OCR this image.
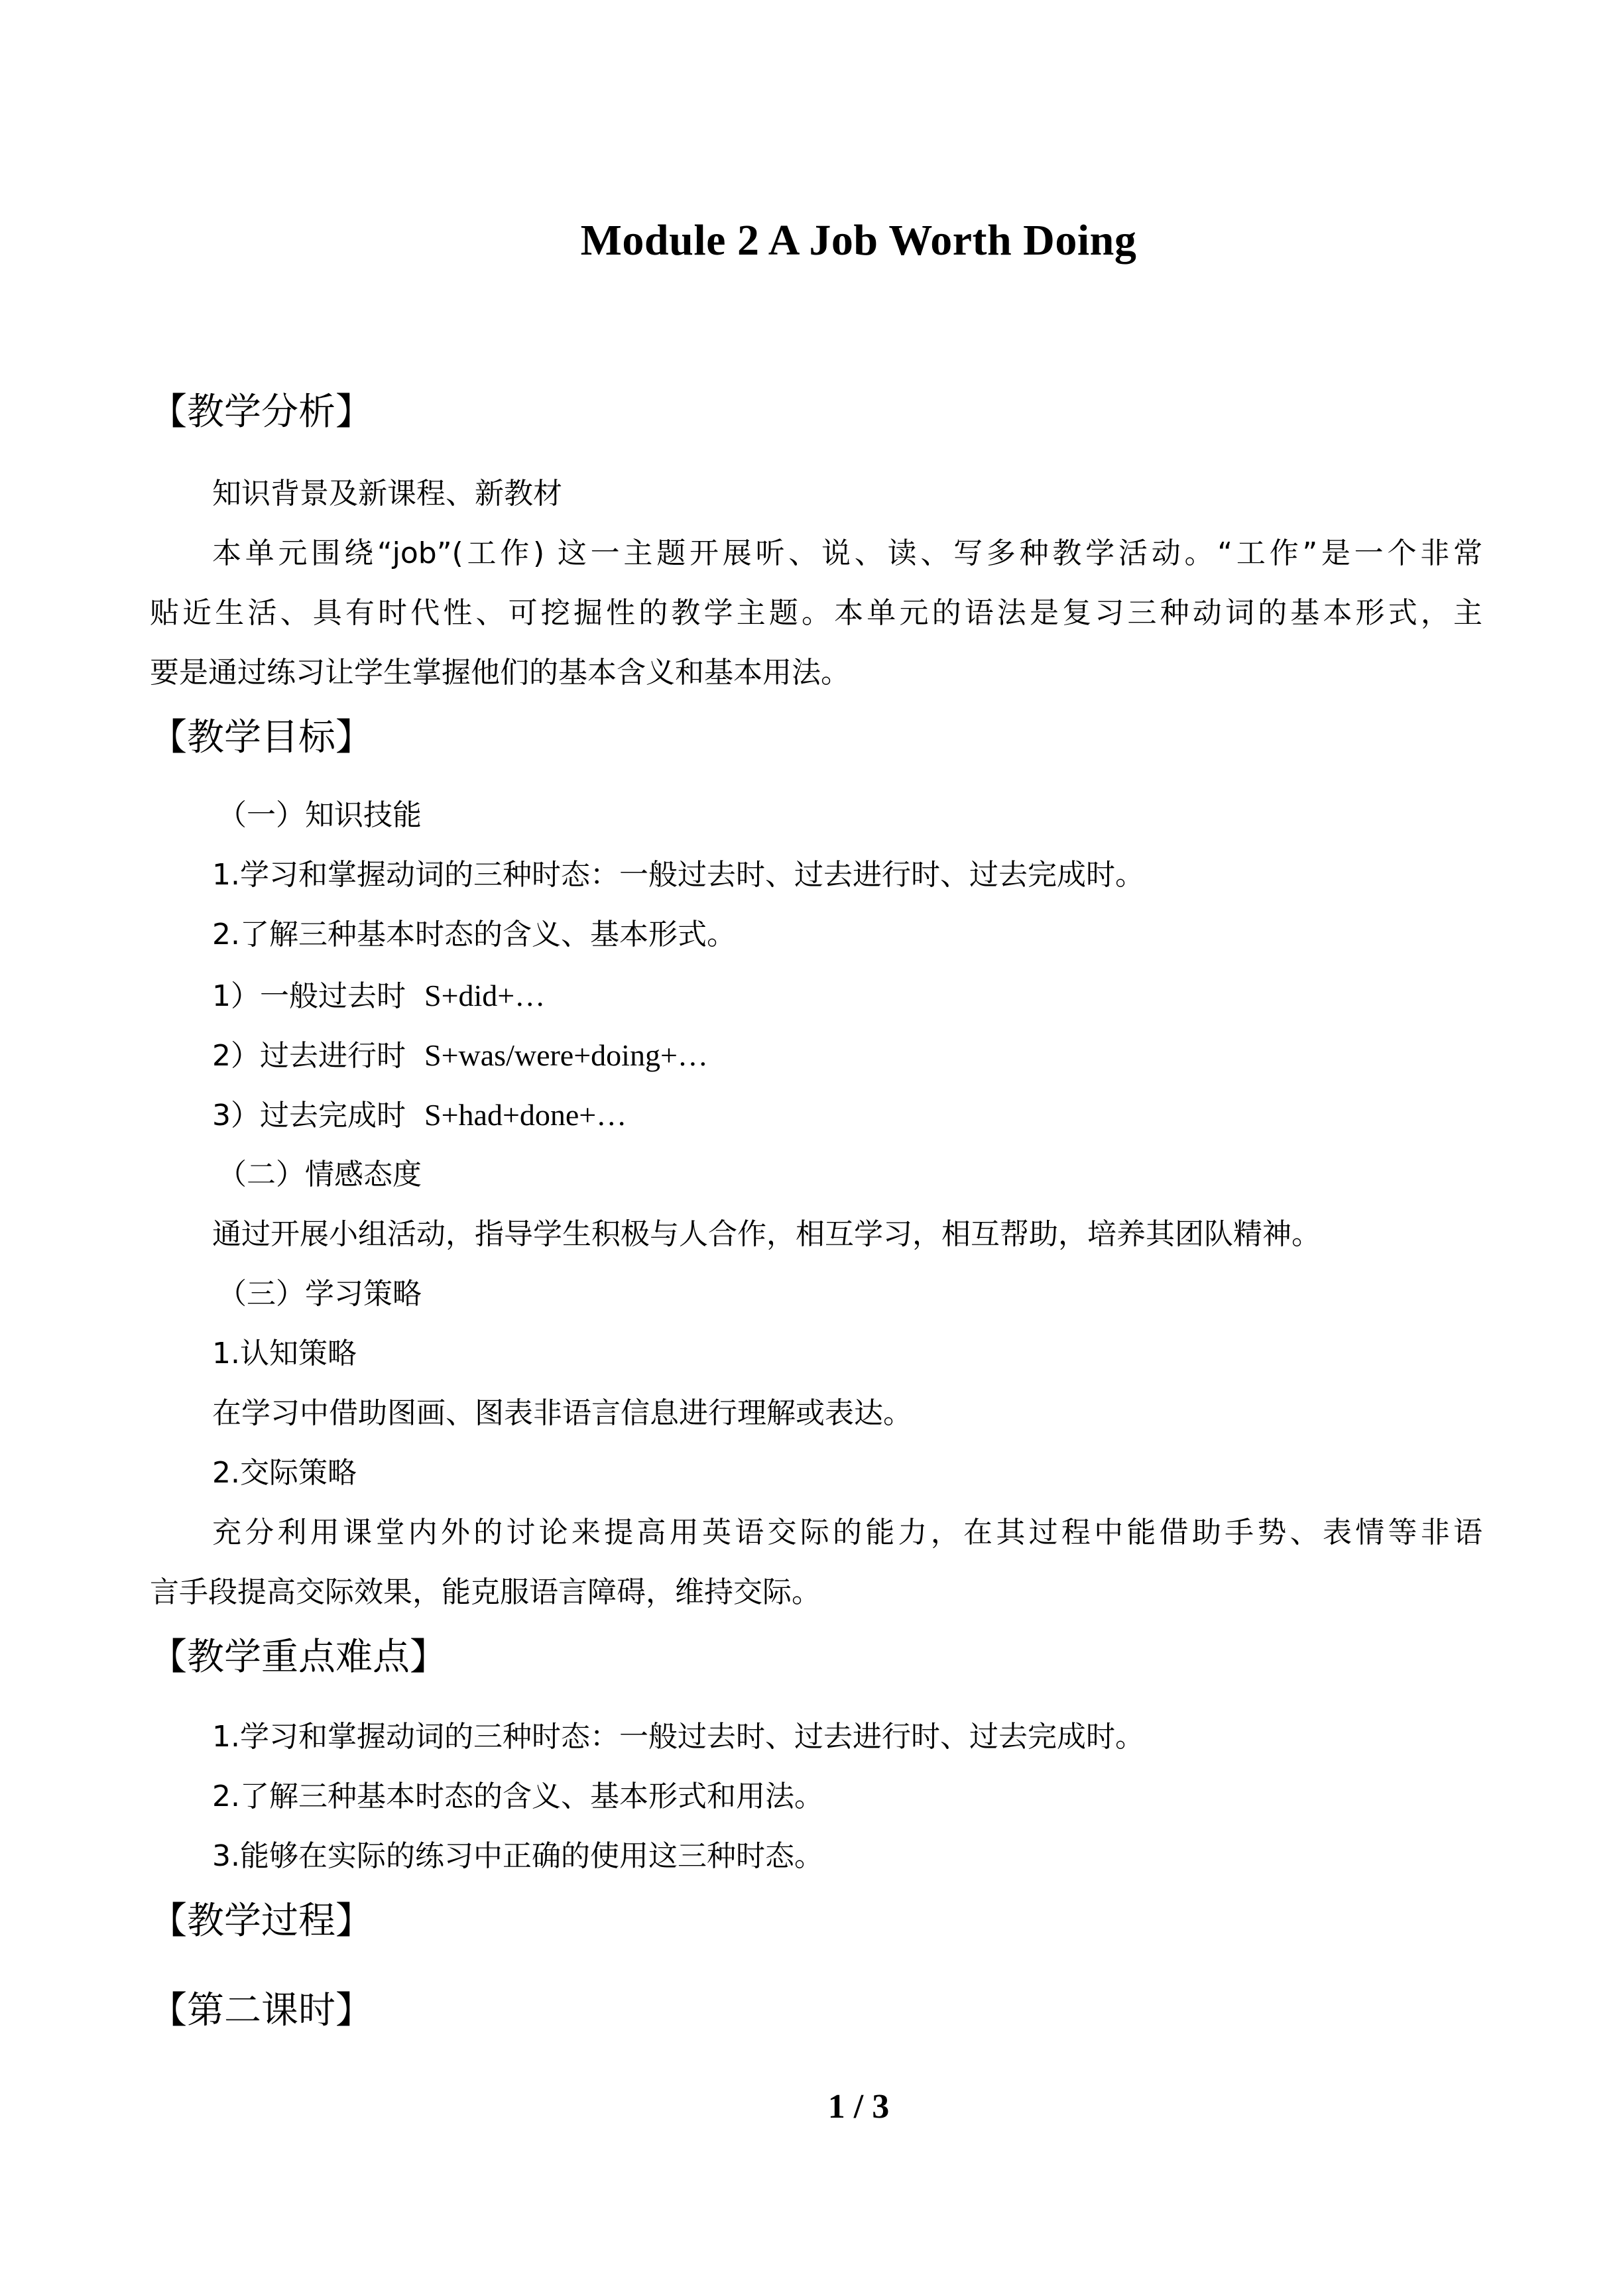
Module 2 A Job Worth Doing
【教学分析】
知识背景及新课程、新教材
本单元围绕“job”(工作) 这一主题开展听、说、读、写多种教学活动。“工作”是一个非常
贴近生活、具有时代性、可挖掘性的教学主题。本单元的语法是复习三种动词的基本形式，主
要是通过练习让学生掌握他们的基本含义和基本用法。
【教学目标】
（一）知识技能
1.学习和掌握动词的三种时态：一般过去时、过去进行时、过去完成时。
2.了解三种基本时态的含义、基本形式。
1）一般过去时 S+did+…
2）过去进行时 S+was/were+doing+…
3）过去完成时 S+had+done+…
（二）情感态度
通过开展小组活动，指导学生积极与人合作，相互学习，相互帮助，培养其团队精神。
（三）学习策略
1.认知策略
在学习中借助图画、图表非语言信息进行理解或表达。
2.交际策略
充分利用课堂内外的讨论来提高用英语交际的能力，在其过程中能借助手势、表情等非语
言手段提高交际效果，能克服语言障碍，维持交际。
【教学重点难点】
1.学习和掌握动词的三种时态：一般过去时、过去进行时、过去完成时。
2.了解三种基本时态的含义、基本形式和用法。
3.能够在实际的练习中正确的使用这三种时态。
【教学过程】
【第二课时】
1 / 3
